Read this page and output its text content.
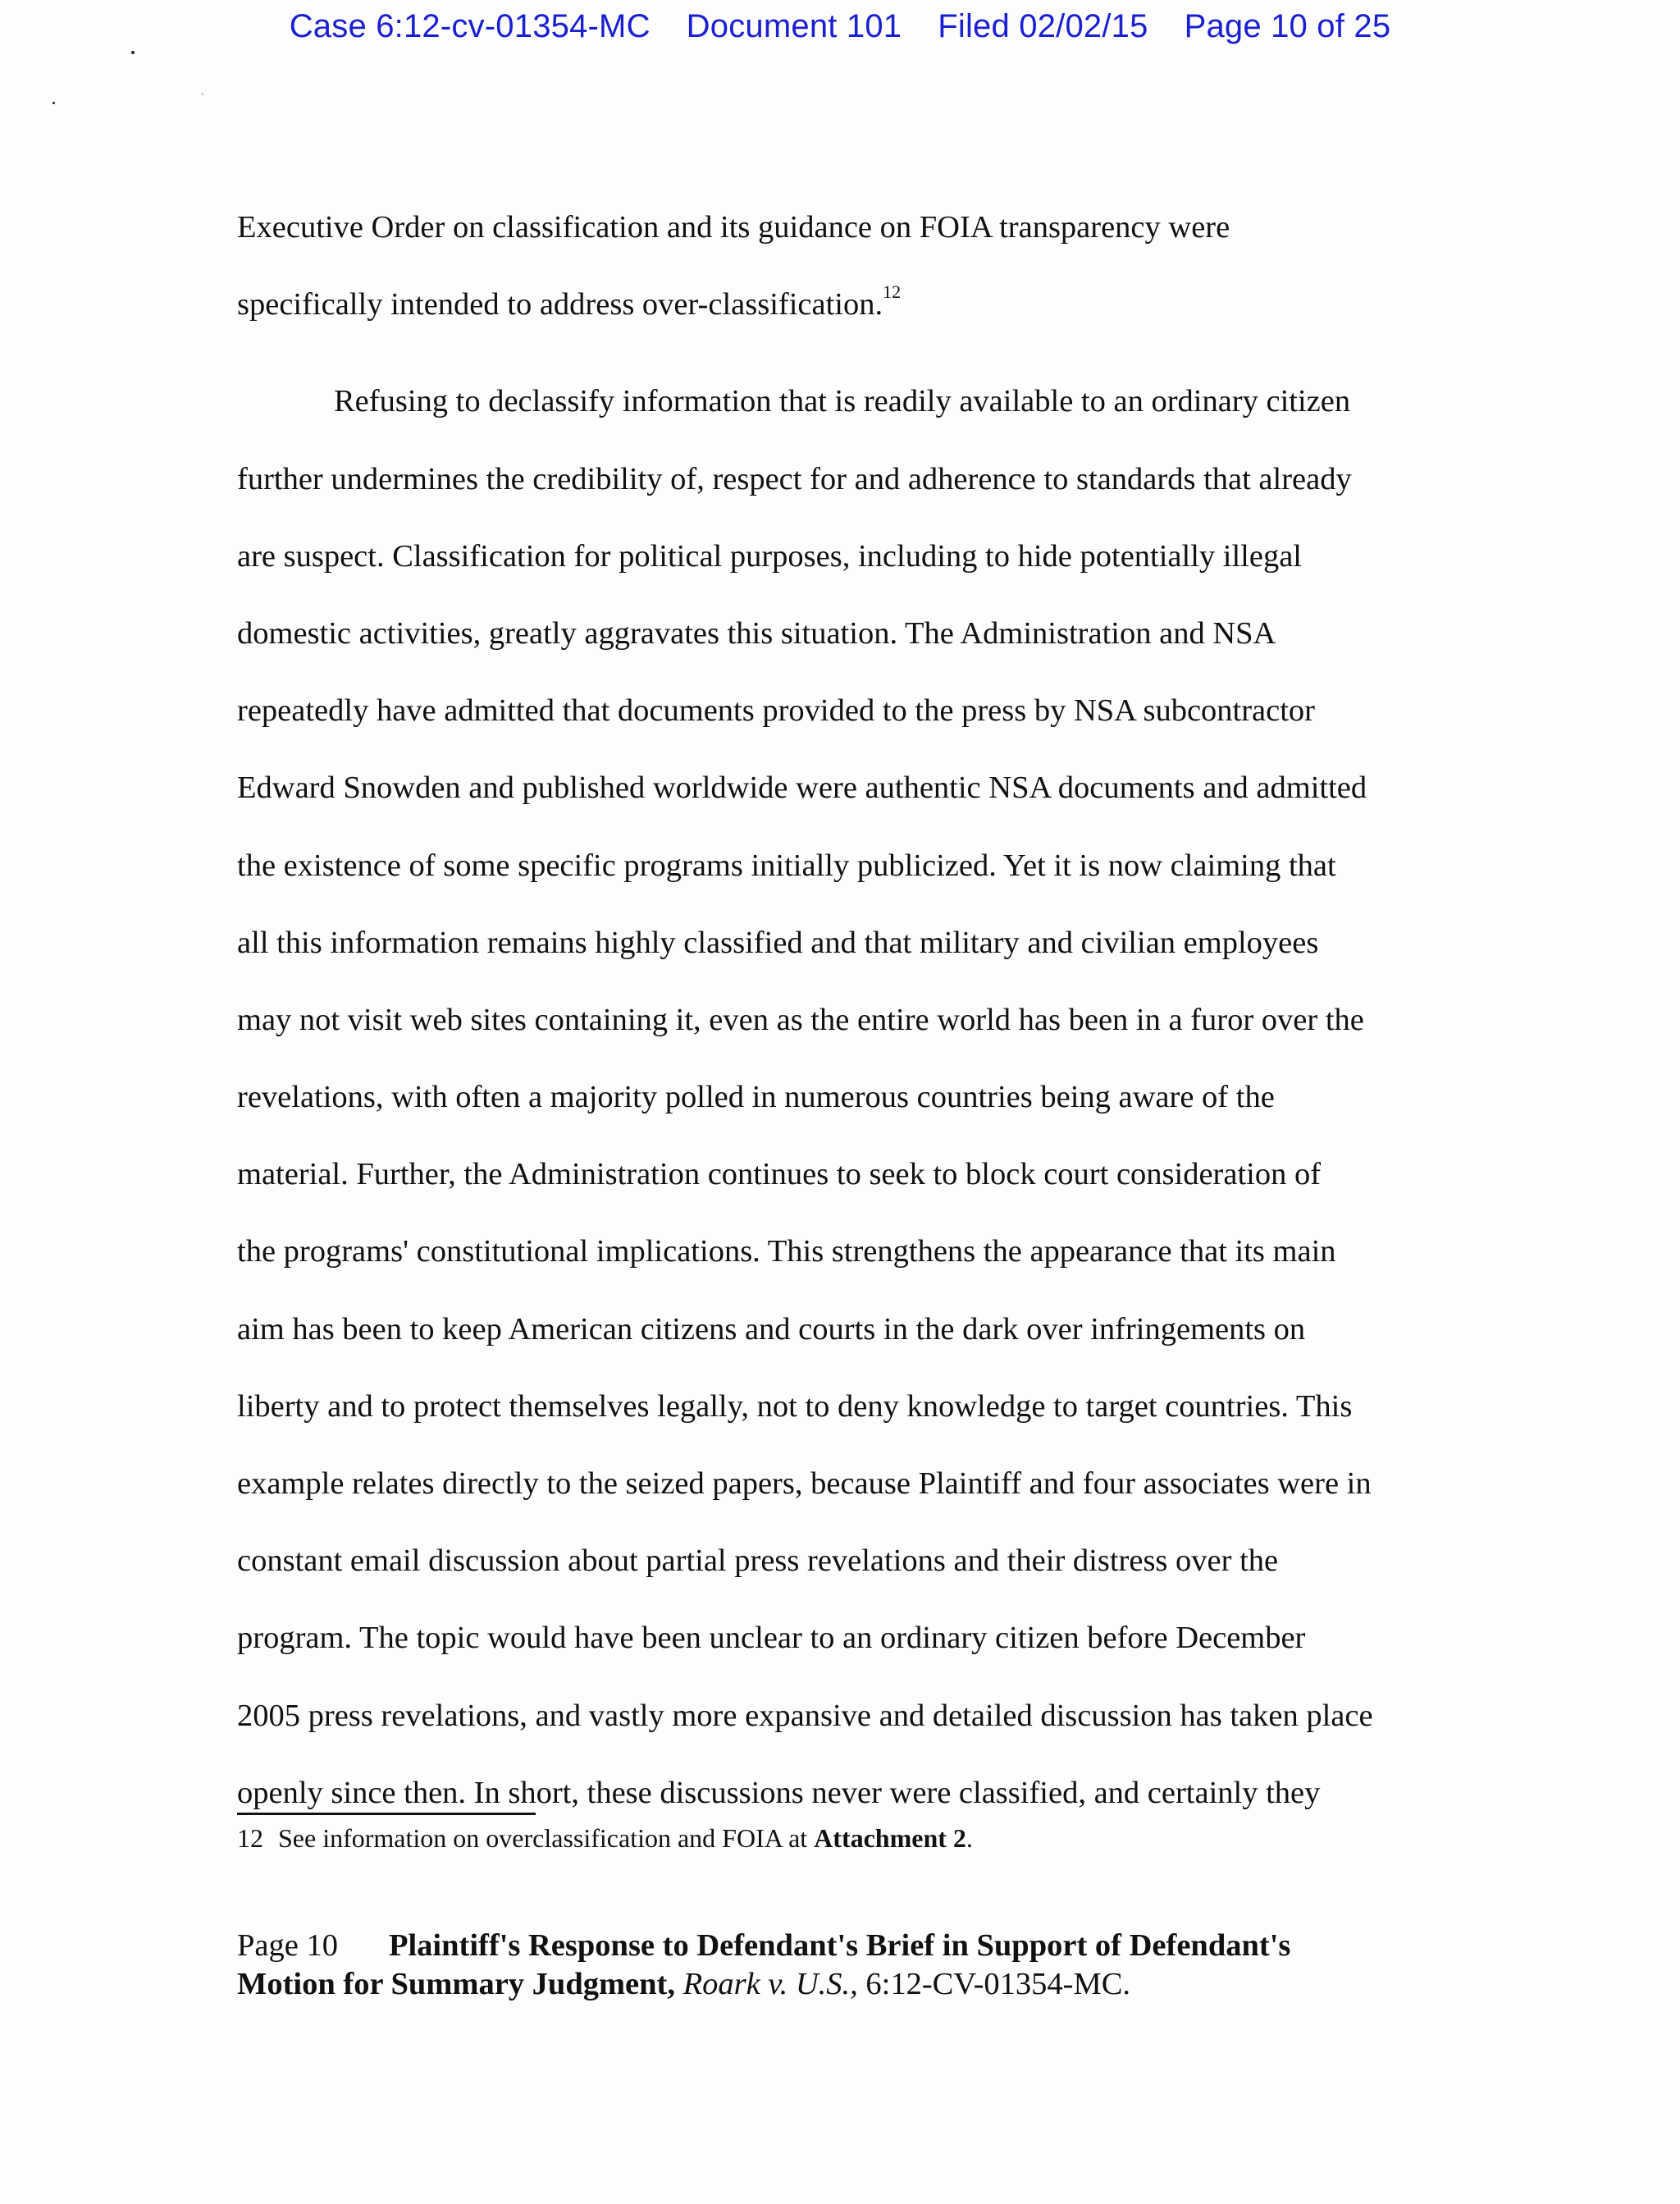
Case 6:12-cv-01354-MC Document 101 Filed 02/02/15 Page 10 of 25
Executive Order on classification and its guidance on FOIA transparency were
specifically intended to address over-classification.$^{12}$
Refusing to declassify information that is readily available to an ordinary citizen
further undermines the credibility of, respect for and adherence to standards that already
are suspect. Classification for political purposes, including to hide potentially illegal
domestic activities, greatly aggravates this situation. The Administration and NSA
repeatedly have admitted that documents provided to the press by NSA subcontractor
Edward Snowden and published worldwide were authentic NSA documents and admitted
the existence of some specific programs initially publicized. Yet it is now claiming that
all this information remains highly classified and that military and civilian employees
may not visit web sites containing it, even as the entire world has been in a furor over the
revelations, with often a majority polled in numerous countries being aware of the
material. Further, the Administration continues to seek to block court consideration of
the programs' constitutional implications. This strengthens the appearance that its main
aim has been to keep American citizens and courts in the dark over infringements on
liberty and to protect themselves legally, not to deny knowledge to target countries. This
example relates directly to the seized papers, because Plaintiff and four associates were in
constant email discussion about partial press revelations and their distress over the
program. The topic would have been unclear to an ordinary citizen before December
2005 press revelations, and vastly more expansive and detailed discussion has taken place
openly since then. In short, these discussions never were classified, and certainly they
12 See information on overclassification and FOIA at Attachment 2.
Page 10 Plaintiff's Response to Defendant's Brief in Support of Defendant's
Motion for Summary Judgment, Roark v. U.S., 6:12-CV-01354-MC.
